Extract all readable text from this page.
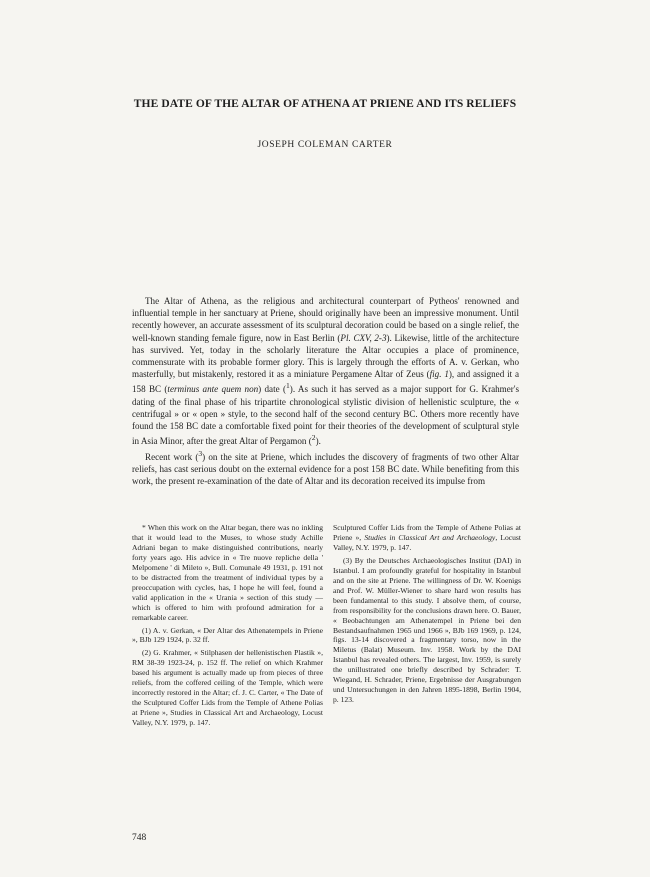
THE DATE OF THE ALTAR OF ATHENA AT PRIENE AND ITS RELIEFS
JOSEPH COLEMAN CARTER

The Altar of Athena, as the religious and architectural counterpart of Pytheos' renowned and influential temple in her sanctuary at Priene, should originally have been an impressive monument. Until recently however, an accurate assessment of its sculptural decoration could be based on a single relief, the well-known standing female figure, now in East Berlin (Pl. CXV, 2-3). Likewise, little of the architecture has survived. Yet, today in the scholarly literature the Altar occupies a place of prominence, commensurate with its probable former glory. This is largely through the efforts of A. v. Gerkan, who masterfully, but mistakenly, restored it as a miniature Pergamene Altar of Zeus (fig. 1), and assigned it a 158 BC (terminus ante quem non) date ($^1$). As such it has served as a major support for G. Krahmer's dating of the final phase of his tripartite chronological stylistic division of hellenistic sculpture, the « centrifugal » or « open » style, to the second half of the second century BC. Others more recently have found the 158 BC date a comfortable fixed point for their theories of the development of sculptural style in Asia Minor, after the great Altar of Pergamon ($^2$).

Recent work ($^3$) on the site at Priene, which includes the discovery of fragments of two other Altar reliefs, has cast serious doubt on the external evidence for a post 158 BC date. While benefiting from this work, the present re-examination of the date of Altar and its decoration received its impulse from

* When this work on the Altar began, there was no inkling that it would lead to the Muses, to whose study Achille Adriani began to make distinguished contributions, nearly forty years ago. His advice in « Tre nuove repliche della ' Melpomene ' di Mileto », Bull. Comunale 49 1931, p. 191 not to be distracted from the treatment of individual types by a preoccupation with cycles, has, I hope he will feel, found a valid application in the « Urania » section of this study — which is offered to him with profound admiration for a remarkable career.

(1) A. v. Gerkan, « Der Altar des Athenatempels in Priene », BJb 129 1924, p. 32 ff.

(2) G. Krahmer, « Stilphasen der hellenistischen Plastik », RM 38-39 1923-24, p. 152 ff. The relief on which Krahmer based his argument is actually made up from pieces of three reliefs, from the coffered ceiling of the Temple, which were incorrectly restored in the Altar; cf. J. C. Carter, « The Date of the Sculptured Coffer Lids from the Temple of Athene Polias at Priene », Studies in Classical Art and Archaeology, Locust Valley, N.Y. 1979, p. 147.

Sculptured Coffer Lids from the Temple of Athene Polias at Priene », Studies in Classical Art and Archaeology, Locust Valley, N.Y. 1979, p. 147.

(3) By the Deutsches Archaeologisches Institut (DAI) in Istanbul. I am profoundly grateful for hospitality in Istanbul and on the site at Priene. The willingness of Dr. W. Koenigs and Prof. W. Müller-Wiener to share hard won results has been fundamental to this study. I absolve them, of course, from responsibility for the conclusions drawn here. O. Bauer, « Beobachtungen am Athenatempel in Priene bei den Bestandsaufnahmen 1965 und 1966 », BJb 169 1969, p. 124, figs. 13-14 discovered a fragmentary torso, now in the Miletus (Balat) Museum. Inv. 1958. Work by the DAI Istanbul has revealed others. The largest, Inv. 1959, is surely the unillustrated one briefly described by Schrader: T. Wiegand, H. Schrader, Priene, Ergebnisse der Ausgrabungen und Untersuchungen in den Jahren 1895-1898, Berlin 1904, p. 123.

748
